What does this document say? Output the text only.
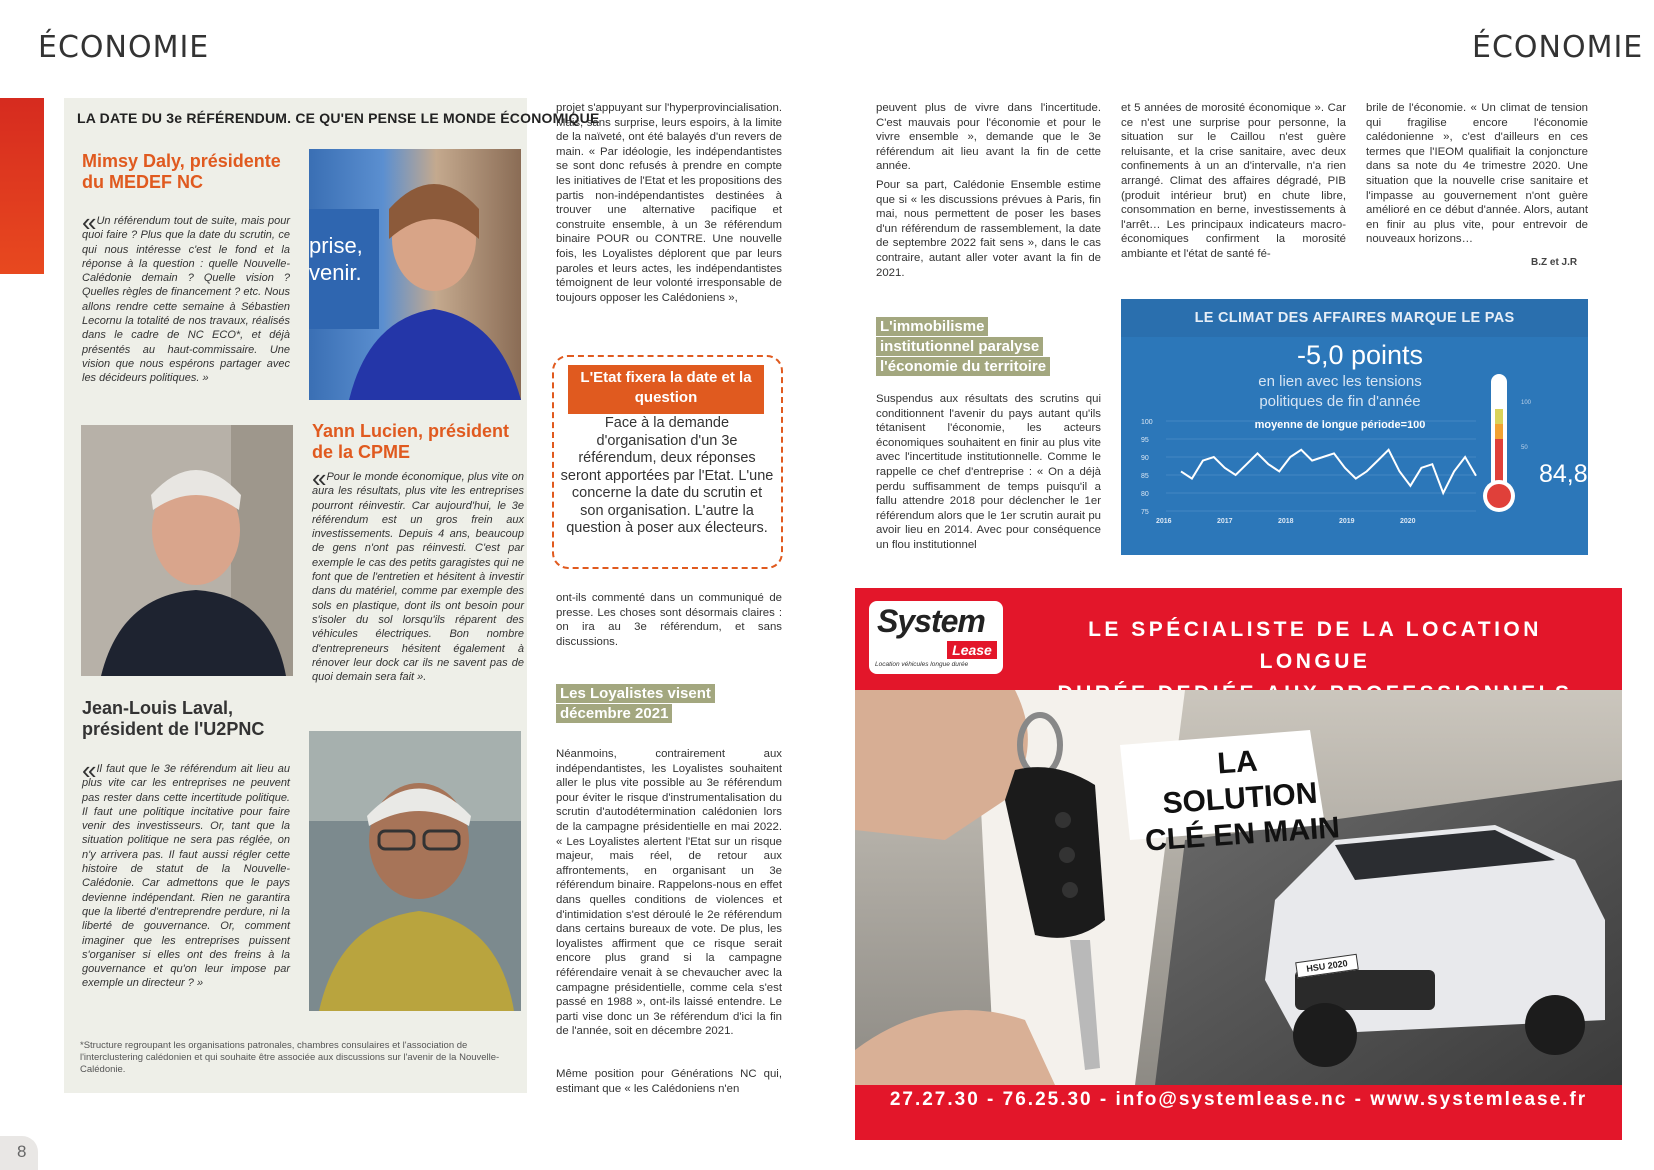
ÉCONOMIE	ÉCONOMIE
8
LA DATE DU 3e RÉFÉRENDUM. CE QU'EN PENSE LE MONDE ÉCONOMIQUE
Mimsy Daly, présidente du MEDEF NC
«Un référendum tout de suite, mais pour quoi faire ? Plus que la date du scrutin, ce qui nous intéresse c'est le fond et la réponse à la question : quelle Nouvelle-Calédonie demain ? Quelle vision ? Quelles règles de financement ? etc. Nous allons rendre cette semaine à Sébastien Lecornu la totalité de nos travaux, réalisés dans le cadre de NC ECO*, et déjà présentés au haut-commissaire. Une vision que nous espérons partager avec les décideurs politiques. »
prise,
venir.
Yann Lucien, président de la CPME
«Pour le monde économique, plus vite on aura les résultats, plus vite les entreprises pourront réinvestir. Car aujourd'hui, le 3e référendum est un gros frein aux investissements. Depuis 4 ans, beaucoup de gens n'ont pas réinvesti. C'est par exemple le cas des petits garagistes qui ne font que de l'entretien et hésitent à investir dans du matériel, comme par exemple des sols en plastique, dont ils ont besoin pour s'isoler du sol lorsqu'ils réparent des véhicules électriques. Bon nombre d'entrepreneurs hésitent également à rénover leur dock car ils ne savent pas de quoi demain sera fait ».
Jean-Louis Laval, président de l'U2PNC
«Il faut que le 3e référendum ait lieu au plus vite car les entreprises ne peuvent pas rester dans cette incertitude politique. Il faut une politique incitative pour faire venir des investisseurs. Or, tant que la situation politique ne sera pas réglée, on n'y arrivera pas. Il faut aussi régler cette histoire de statut de la Nouvelle-Calédonie. Car admettons que le pays devienne indépendant. Rien ne garantira que la liberté d'entreprendre perdure, ni la liberté de gouvernance. Or, comment imaginer que les entreprises puissent s'organiser si elles ont des freins à la gouvernance et qu'on leur impose par exemple un directeur ? »
*Structure regroupant les organisations patronales, chambres consulaires et l'association de l'interclustering calédonien et qui souhaite être associée aux discussions sur l'avenir de la Nouvelle-Calédonie.
projet s'appuyant sur l'hyperprovincialisation. Mais, sans surprise, leurs espoirs, à la limite de la naïveté, ont été balayés d'un revers de main. « Par idéologie, les indépendantistes se sont donc refusés à prendre en compte les initiatives de l'Etat et les propositions des partis non-indépendantistes destinées à trouver une alternative pacifique et construite ensemble, à un 3e référendum binaire POUR ou CONTRE. Une nouvelle fois, les Loyalistes déplorent que par leurs paroles et leurs actes, les indépendantistes témoignent de leur volonté irresponsable de toujours opposer les Calédoniens »,
L'Etat fixera la date et la question
Face à la demande d'organisation d'un 3e référendum, deux réponses seront apportées par l'Etat. L'une concerne la date du scrutin et son organisation. L'autre la question à poser aux électeurs.
ont-ils commenté dans un communiqué de presse. Les choses sont désormais claires : on ira au 3e référendum, et sans discussions.
Les Loyalistes visent décembre 2021
Néanmoins, contrairement aux indépendantistes, les Loyalistes souhaitent aller le plus vite possible au 3e référendum pour éviter le risque d'instrumentalisation du scrutin d'autodétermination calédonien lors de la campagne présidentielle en mai 2022. « Les Loyalistes alertent l'Etat sur un risque majeur, mais réel, de retour aux affrontements, en organisant un 3e référendum binaire. Rappelons-nous en effet dans quelles conditions de violences et d'intimidation s'est déroulé le 2e référendum dans certains bureaux de vote. De plus, les loyalistes affirment que ce risque serait encore plus grand si la campagne référendaire venait à se chevaucher avec la campagne présidentielle, comme cela s'est passé en 1988 », ont-ils laissé entendre. Le parti vise donc un 3e référendum d'ici la fin de l'année, soit en décembre 2021.
Même position pour Générations NC qui, estimant que « les Calédoniens n'en
peuvent plus de vivre dans l'incertitude. C'est mauvais pour l'économie et pour le vivre ensemble », demande que le 3e référendum ait lieu avant la fin de cette année.
Pour sa part, Calédonie Ensemble estime que si « les discussions prévues à Paris, fin mai, nous permettent de poser les bases d'un référendum de rassemblement, la date de septembre 2022 fait sens », dans le cas contraire, autant aller voter avant la fin de 2021.
L'immobilisme institutionnel paralyse l'économie du territoire
Suspendus aux résultats des scrutins qui conditionnent l'avenir du pays autant qu'ils tétanisent l'économie, les acteurs économiques souhaitent en finir au plus vite avec l'incertitude institutionnelle. Comme le rappelle ce chef d'entreprise : « On a déjà perdu suffisamment de temps puisqu'il a fallu attendre 2018 pour déclencher le 1er référendum alors que le 1er scrutin aurait pu avoir lieu en 2014. Avec pour conséquence un flou institutionnel
et 5 années de morosité économique ». Car ce n'est une surprise pour personne, la situation sur le Caillou n'est guère reluisante, et la crise sanitaire, avec deux confinements à un an d'intervalle, n'a rien arrangé. Climat des affaires dégradé, PIB (produit intérieur brut) en chute libre, consommation en berne, investissements à l'arrêt… Les principaux indicateurs macro-économiques confirment la morosité ambiante et l'état de santé fé-
brile de l'économie. « Un climat de tension qui fragilise encore l'économie calédonienne », c'est d'ailleurs en ces termes que l'IEOM qualifiait la conjoncture dans sa note du 4e trimestre 2020. Une situation que la nouvelle crise sanitaire et l'impasse au gouvernement n'ont guère amélioré en ce début d'année. Alors, autant en finir au plus vite, pour entrevoir de nouveaux horizons…
B.Z et J.R
LE CLIMAT DES AFFAIRES MARQUE LE PAS
-5,0 points
en lien avec les tensions
politiques de fin d'année
moyenne de longue période=100
100
95
90
85
80
75
2016	2017	2018	2019	2020
100
50
84,8
System
Lease
Location véhicules longue durée
LE SPÉCIALISTE DE LA LOCATION LONGUE
LA SOLUTION
CLÉ EN MAIN
HSU 2020
27.27.30 - 76.25.30 - info@systemlease.nc - www.systemlease.fr
